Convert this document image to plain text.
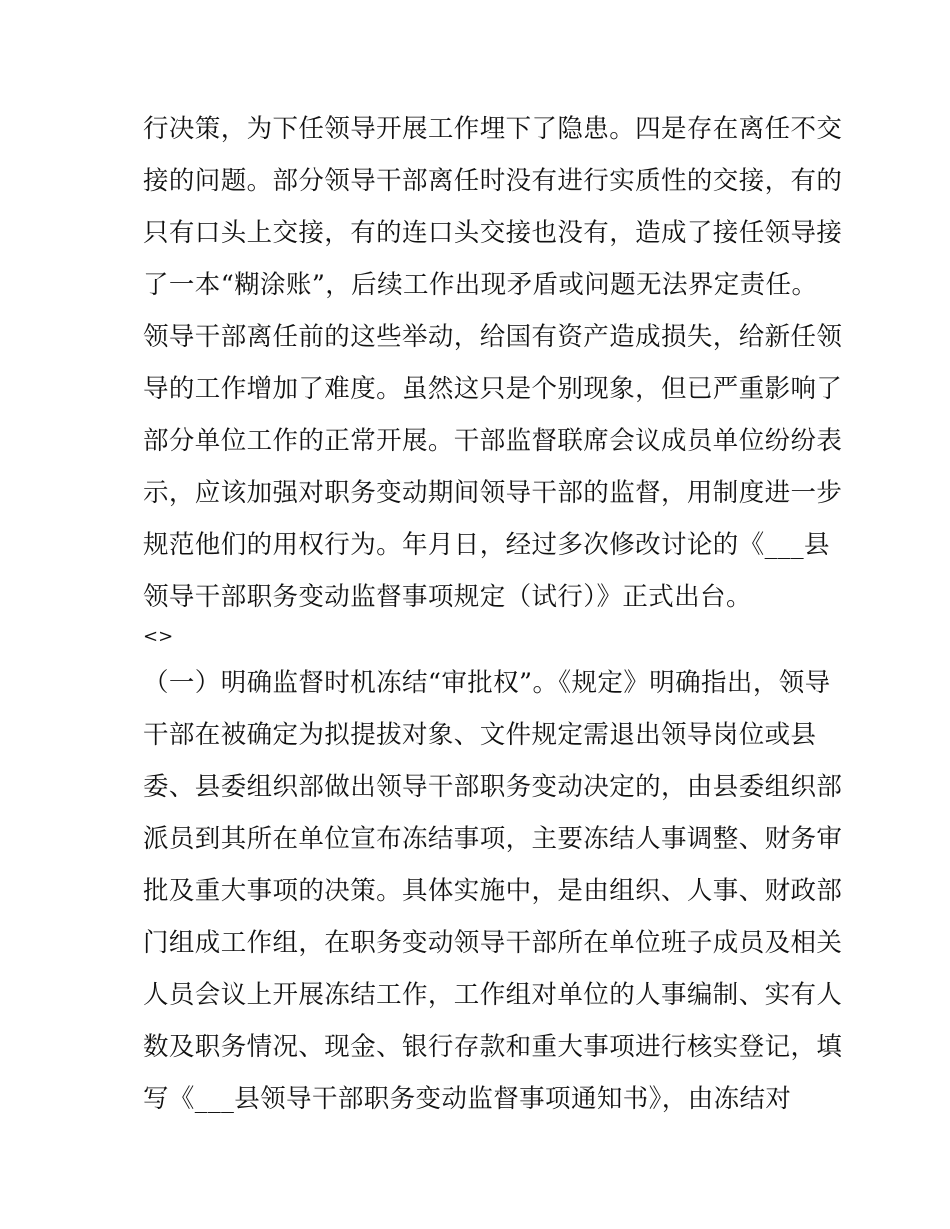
行决策，为下任领导开展工作埋下了隐患。四是存在离任不交
接的问题。部分领导干部离任时没有进行实质性的交接，有的
只有口头上交接，有的连口头交接也没有，造成了接任领导接
了一本“糊涂账”，后续工作出现矛盾或问题无法界定责任。
领导干部离任前的这些举动，给国有资产造成损失，给新任领
导的工作增加了难度。虽然这只是个别现象，但已严重影响了
部分单位工作的正常开展。干部监督联席会议成员单位纷纷表
示，应该加强对职务变动期间领导干部的监督，用制度进一步
规范他们的用权行为。年月日，经过多次修改讨论的《___县
领导干部职务变动监督事项规定（试行）》正式出台。
<>
（一）明确监督时机冻结“审批权”。《规定》明确指出，领导
干部在被确定为拟提拔对象、文件规定需退出领导岗位或县
委、县委组织部做出领导干部职务变动决定的，由县委组织部
派员到其所在单位宣布冻结事项，主要冻结人事调整、财务审
批及重大事项的决策。具体实施中，是由组织、人事、财政部
门组成工作组，在职务变动领导干部所在单位班子成员及相关
人员会议上开展冻结工作，工作组对单位的人事编制、实有人
数及职务情况、现金、银行存款和重大事项进行核实登记，填
写《___县领导干部职务变动监督事项通知书》，由冻结对
